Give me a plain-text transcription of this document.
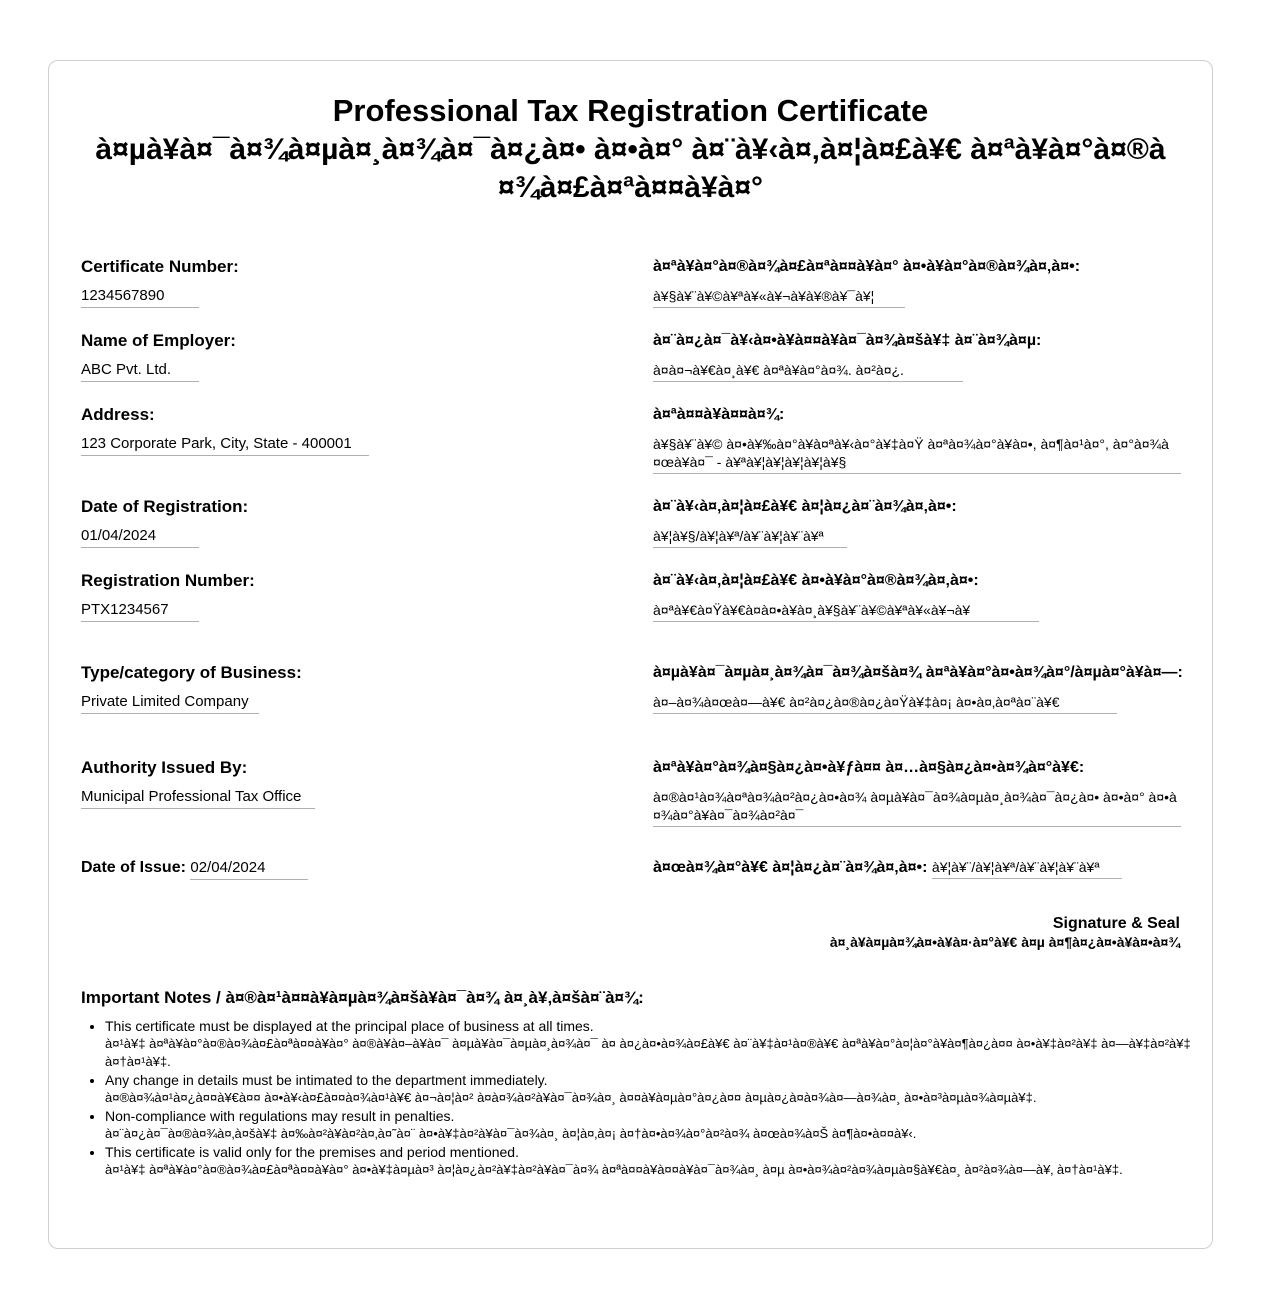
Professional Tax Registration Certificate
à¤µà¥à¤¯à¤¾à¤µà¤¸à¤¾à¤¯à¤¿à¤• à¤•à¤° à¤¨à¥‹à¤‚à¤¦à¤£à¥€ à¤ªà¥à¤°à¤®à¤¾à¤£à¤ªà¤¤à¥à¤°
Certificate Number:
1234567890
Name of Employer:
ABC Pvt. Ltd.
Address:
123 Corporate Park, City, State - 400001
Date of Registration:
01/04/2024
Registration Number:
PTX1234567
Type/category of Business:
Private Limited Company
Authority Issued By:
Municipal Professional Tax Office
Date of Issue: 02/04/2024
à¤ªà¥à¤°à¤®à¤¾à¤£à¤ªà¤¤à¥à¤° à¤•à¥à¤°à¤®à¤¾à¤‚à¤•:
à¥§à¥¨à¥©à¥ªà¥«à¥¬à¥à¥®à¥¯à¥¦
à¤¨à¤¿à¤¯à¥‹à¤•à¥à¤¤à¥à¤¯à¤¾à¤šà¥‡ à¤¨à¤¾à¤µ:
à¤à¤¬à¥€à¤¸à¥€ à¤ªà¥à¤°à¤¾. à¤²à¤¿.
à¤ªà¤¤à¥à¤¤à¤¾:
à¥§à¥¨à¥© à¤•à¥‰à¤°à¥à¤ªà¥‹à¤°à¥‡à¤Ÿ à¤ªà¤¾à¤°à¥à¤•, à¤¶à¤¹à¤°, à¤°à¤¾à¤œà¥à¤¯ - à¥ªà¥¦à¥¦à¥¦à¥¦à¥§
à¤¨à¥‹à¤‚à¤¦à¤£à¥€ à¤¦à¤¿à¤¨à¤¾à¤‚à¤•:
à¥¦à¥§/à¥¦à¥ª/à¥¨à¥¦à¥¨à¥ª
à¤¨à¥‹à¤‚à¤¦à¤£à¥€ à¤•à¥à¤°à¤®à¤¾à¤‚à¤•:
à¤ªà¥€à¤Ÿà¥€à¤à¤•à¥à¤¸à¥§à¥¨à¥©à¥ªà¥«à¥¬à¥
à¤µà¥à¤¯à¤µà¤¸à¤¾à¤¯à¤¾à¤šà¤¾ à¤ªà¥à¤°à¤•à¤¾à¤°/à¤µà¤°à¥à¤—:
à¤–à¤¾à¤œà¤—à¥€ à¤²à¤¿à¤®à¤¿à¤Ÿà¥‡à¤¡ à¤•à¤‚à¤ªà¤¨à¥€
à¤ªà¥à¤°à¤¾à¤§à¤¿à¤•à¥ƒà¤¤ à¤…à¤§à¤¿à¤•à¤¾à¤°à¥€:
à¤®à¤¹à¤¾à¤ªà¤¾à¤²à¤¿à¤•à¤¾ à¤µà¥à¤¯à¤¾à¤µà¤¸à¤¾à¤¯à¤¿à¤• à¤•à¤° à¤•à¤¾à¤°à¥à¤¯à¤¾à¤²à¤¯
à¤œà¤¾à¤°à¥€ à¤¦à¤¿à¤¨à¤¾à¤‚à¤•: à¥¦à¥¨/à¥¦à¥ª/à¥¨à¥¦à¥¨à¥ª
Signature & Seal
à¤¸à¥à¤µà¤¾à¤•à¥à¤·à¤°à¥€ à¤µ à¤¶à¤¿à¤•à¥à¤•à¤¾
Important Notes / à¤®à¤¹à¤¤à¥à¤µà¤¾à¤šà¥à¤¯à¤¾ à¤¸à¥‚à¤šà¤¨à¤¾:
• This certificate must be displayed at the principal place of business at all times.
à¤¹à¥‡ à¤ªà¥à¤°à¤®à¤¾à¤£à¤ªà¤¤à¥à¤° à¤®à¥à¤–à¥à¤¯ à¤µà¥à¤¯à¤µà¤¸à¤¾à¤¯ à¤ à¤¿à¤•à¤¾à¤£à¥€ à¤¨à¥‡à¤¹à¤®à¥€ à¤ªà¥à¤°à¤¦à¤°à¥à¤¶à¤¿à¤¤ à¤•à¥‡à¤²à¥‡ à¤—à¥‡à¤²à¥‡ à¤†à¤¹à¥‡.
• Any change in details must be intimated to the department immediately.
à¤®à¤¾à¤¹à¤¿à¤¤à¥€à¤¤ à¤•à¥‹à¤£à¤¤à¤¾à¤¹à¥€ à¤¬à¤¦à¤² à¤à¤¾à¤²à¥à¤¯à¤¾à¤¸ à¤¤à¥à¤µà¤°à¤¿à¤¤ à¤µà¤¿à¤à¤¾à¤—à¤¾à¤¸ à¤•à¤³à¤µà¤¾à¤µà¥‡.
• Non-compliance with regulations may result in penalties.
à¤¨à¤¿à¤¯à¤®à¤¾à¤‚à¤šà¥‡ à¤‰à¤²à¥à¤²à¤‚à¤˜à¤¨ à¤•à¥‡à¤²à¥à¤¯à¤¾à¤¸ à¤¦à¤‚à¤¡ à¤†à¤•à¤¾à¤°à¤²à¤¾ à¤œà¤¾à¤Š à¤¶à¤•à¤¤à¥‹.
• This certificate is valid only for the premises and period mentioned.
à¤¹à¥‡ à¤ªà¥à¤°à¤®à¤¾à¤£à¤ªà¤¤à¥à¤° à¤•à¥‡à¤µà¤³ à¤¦à¤¿à¤²à¥‡à¤²à¥à¤¯à¤¾ à¤ªà¤¤à¥à¤¤à¥à¤¯à¤¾à¤¸ à¤µ à¤•à¤¾à¤²à¤¾à¤µà¤§à¥€à¤¸ à¤²à¤¾à¤—à¥‚ à¤†à¤¹à¥‡.
